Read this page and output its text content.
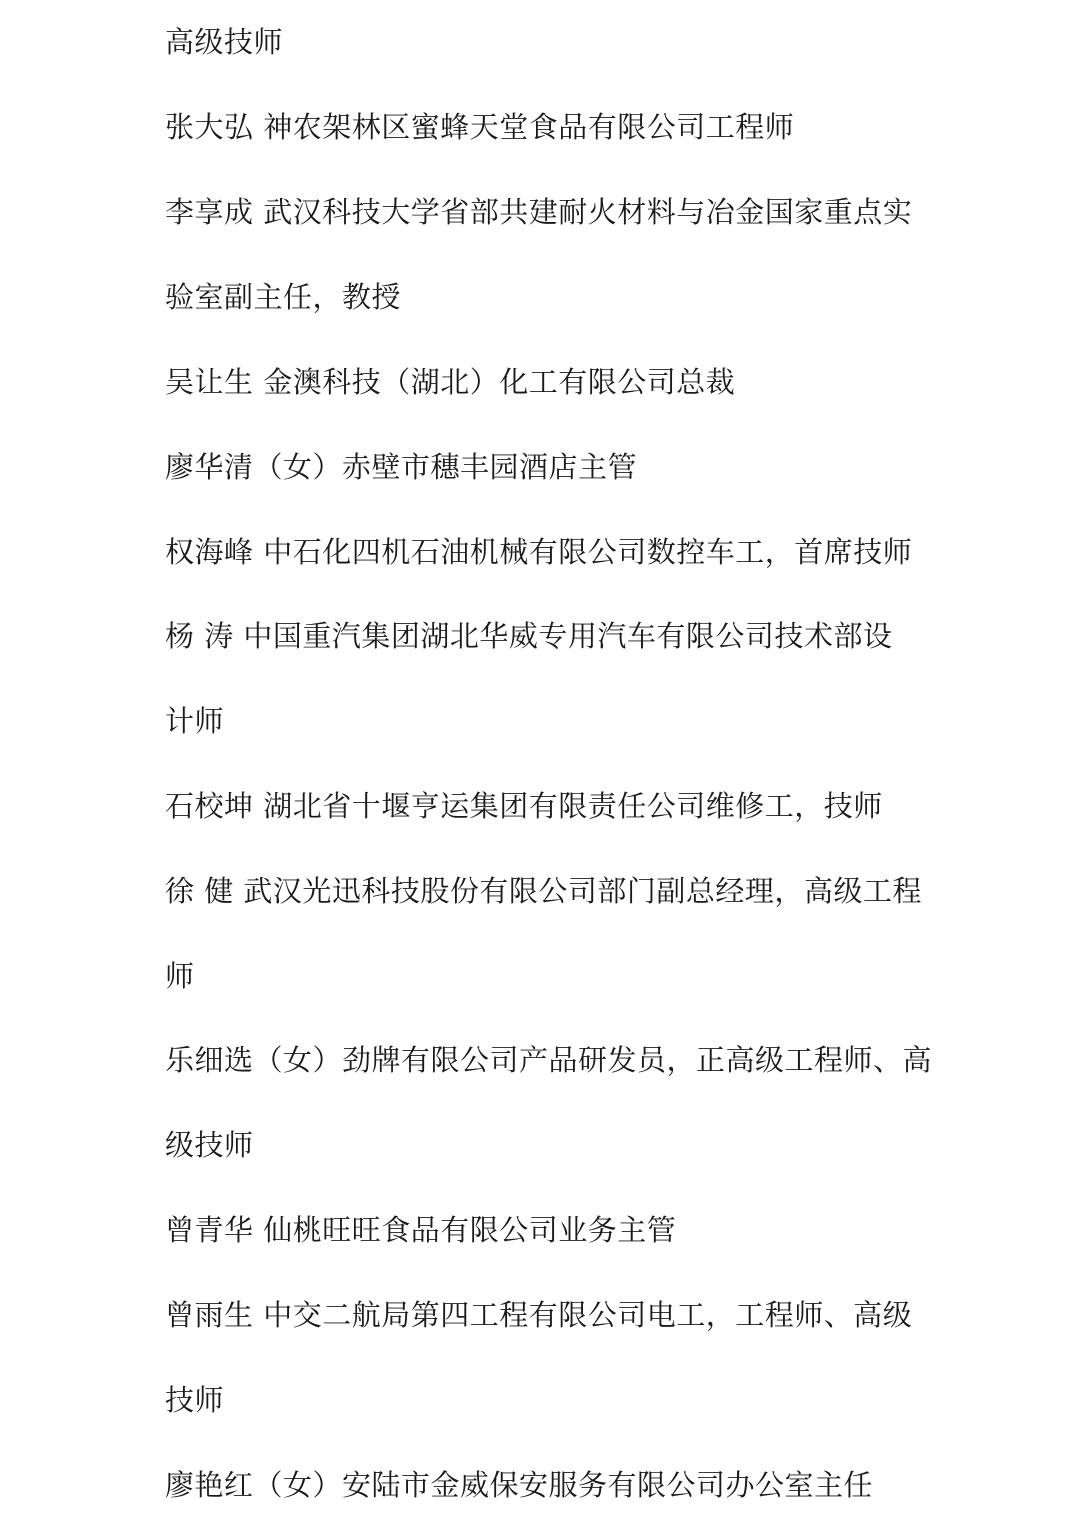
高级技师
张大弘 神农架林区蜜蜂天堂食品有限公司工程师
李享成 武汉科技大学省部共建耐火材料与冶金国家重点实
验室副主任，教授
吴让生 金澳科技（湖北）化工有限公司总裁
廖华清（女）赤壁市穗丰园酒店主管
权海峰 中石化四机石油机械有限公司数控车工，首席技师
杨 涛 中国重汽集团湖北华威专用汽车有限公司技术部设
计师
石校坤 湖北省十堰亨运集团有限责任公司维修工，技师
徐 健 武汉光迅科技股份有限公司部门副总经理，高级工程
师
乐细选（女）劲牌有限公司产品研发员，正高级工程师、高
级技师
曾青华 仙桃旺旺食品有限公司业务主管
曾雨生 中交二航局第四工程有限公司电工，工程师、高级
技师
廖艳红（女）安陆市金威保安服务有限公司办公室主任
